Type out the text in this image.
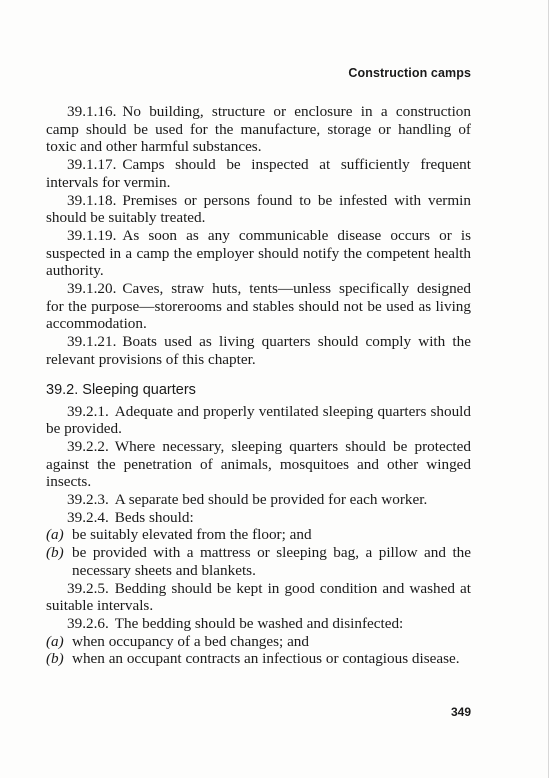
Construction camps

39.1.16. No building, structure or enclosure in a construction camp should be used for the manufacture, storage or handling of toxic and other harmful substances.

39.1.17. Camps should be inspected at sufficiently frequent intervals for vermin.

39.1.18. Premises or persons found to be infested with vermin should be suitably treated.

39.1.19. As soon as any communicable disease occurs or is suspected in a camp the employer should notify the competent health authority.

39.1.20. Caves, straw huts, tents—unless specifically designed for the purpose—storerooms and stables should not be used as living accommodation.

39.1.21. Boats used as living quarters should comply with the relevant provisions of this chapter.

39.2. Sleeping quarters

39.2.1. Adequate and properly ventilated sleeping quarters should be provided.

39.2.2. Where necessary, sleeping quarters should be protected against the penetration of animals, mosquitoes and other winged insects.

39.2.3. A separate bed should be provided for each worker.

39.2.4. Beds should:

(a) be suitably elevated from the floor; and

(b) be provided with a mattress or sleeping bag, a pillow and the necessary sheets and blankets.

39.2.5. Bedding should be kept in good condition and washed at suitable intervals.

39.2.6. The bedding should be washed and disinfected:

(a) when occupancy of a bed changes; and

(b) when an occupant contracts an infectious or contagious disease.

349
